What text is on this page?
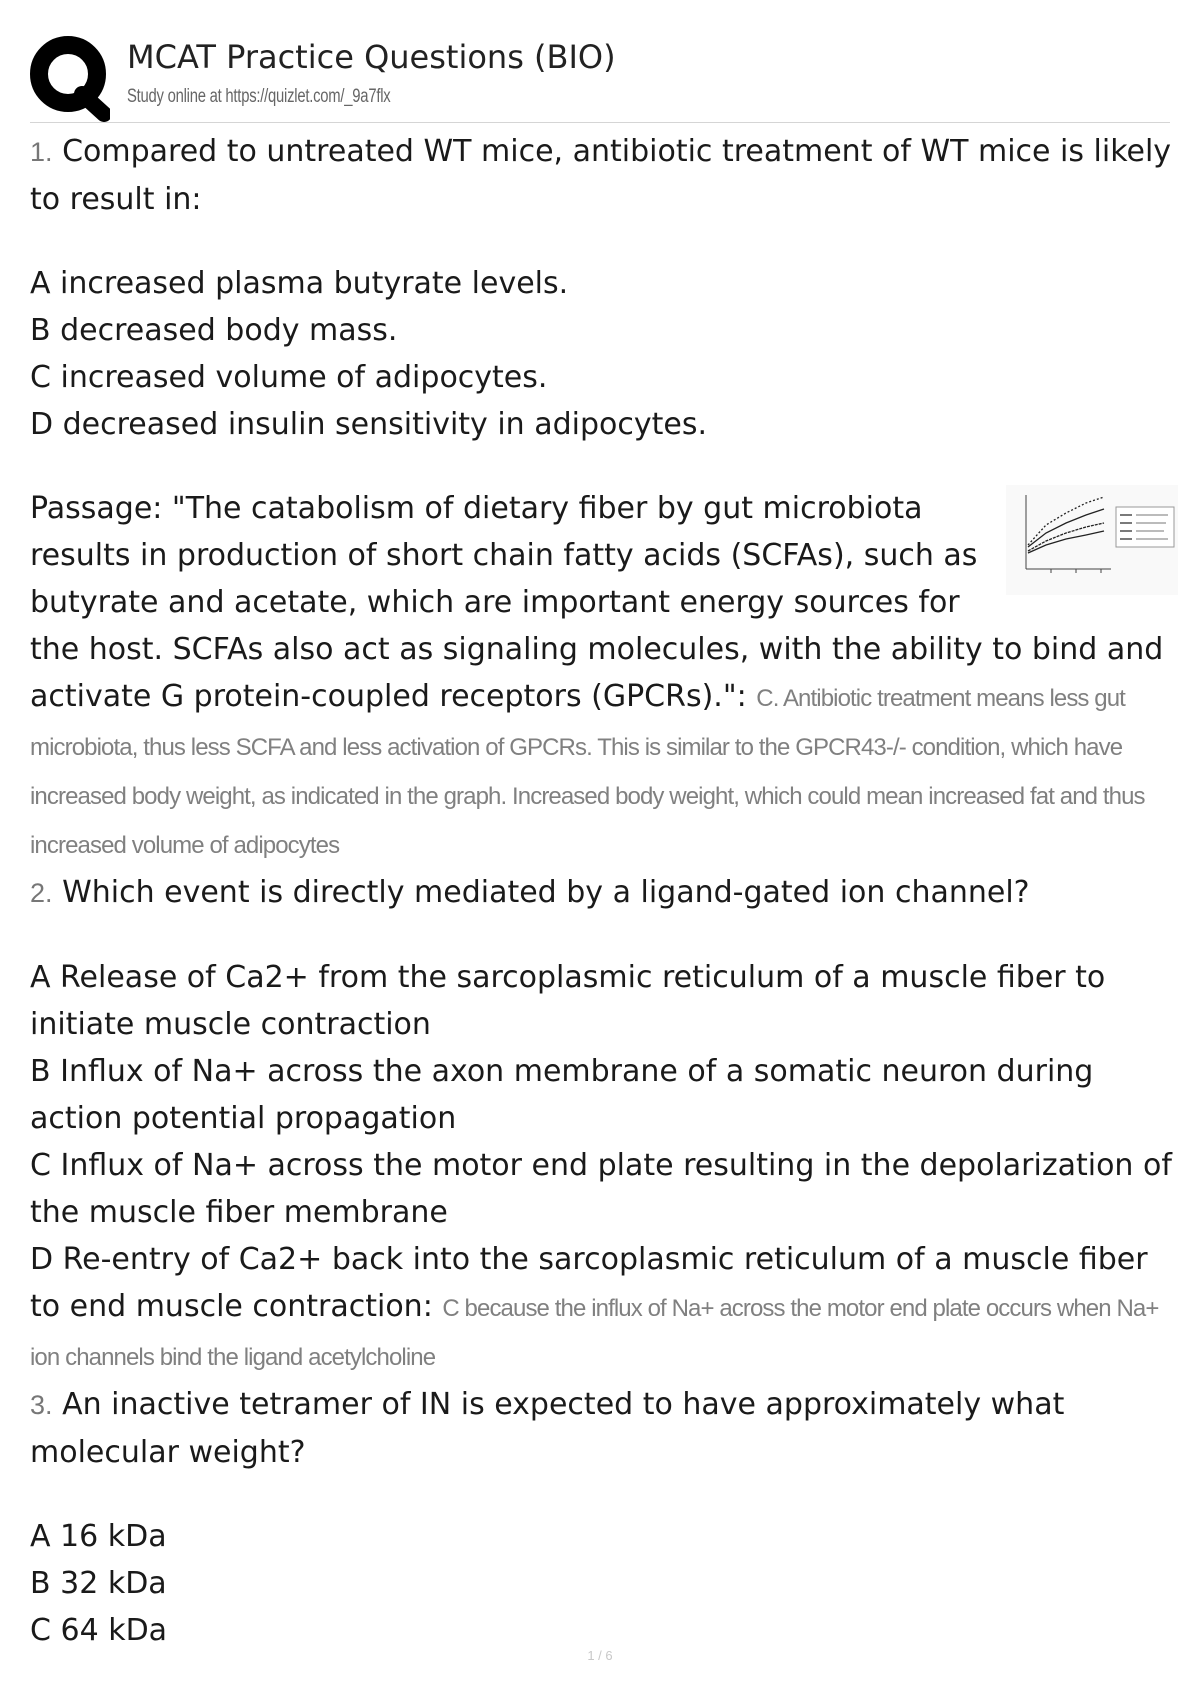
MCAT Practice Questions (BIO)
Study online at https://quizlet.com/_9a7flx

1. Compared to untreated WT mice, antibiotic treatment of WT mice is likely to result in:

A increased plasma butyrate levels.

B decreased body mass.

C increased volume of adipocytes.

D decreased insulin sensitivity in adipocytes.

Passage: "The catabolism of dietary fiber by gut microbiota results in production of short chain fatty acids (SCFAs), such as butyrate and acetate, which are important energy sources for the host. SCFAs also act as signaling molecules, with the ability to bind and activate G protein-coupled receptors (GPCRs).": C. Antibiotic treatment means less gut microbiota, thus less SCFA and less activation of GPCRs. This is similar to the GPCR43-/- condition, which have increased body weight, as indicated in the graph. Increased body weight, which could mean increased fat and thus increased volume of adipocytes

2. Which event is directly mediated by a ligand-gated ion channel?

A Release of Ca2+ from the sarcoplasmic reticulum of a muscle fiber to initiate muscle contraction

B Influx of Na+ across the axon membrane of a somatic neuron during action potential propagation

C Influx of Na+ across the motor end plate resulting in the depolarization of the muscle fiber membrane

D Re-entry of Ca2+ back into the sarcoplasmic reticulum of a muscle fiber to end muscle contraction: C because the influx of Na+ across the motor end plate occurs when Na+ ion channels bind the ligand acetylcholine

3. An inactive tetramer of IN is expected to have approximately what molecular weight?

A 16 kDa

B 32 kDa

C 64 kDa

1 / 6
